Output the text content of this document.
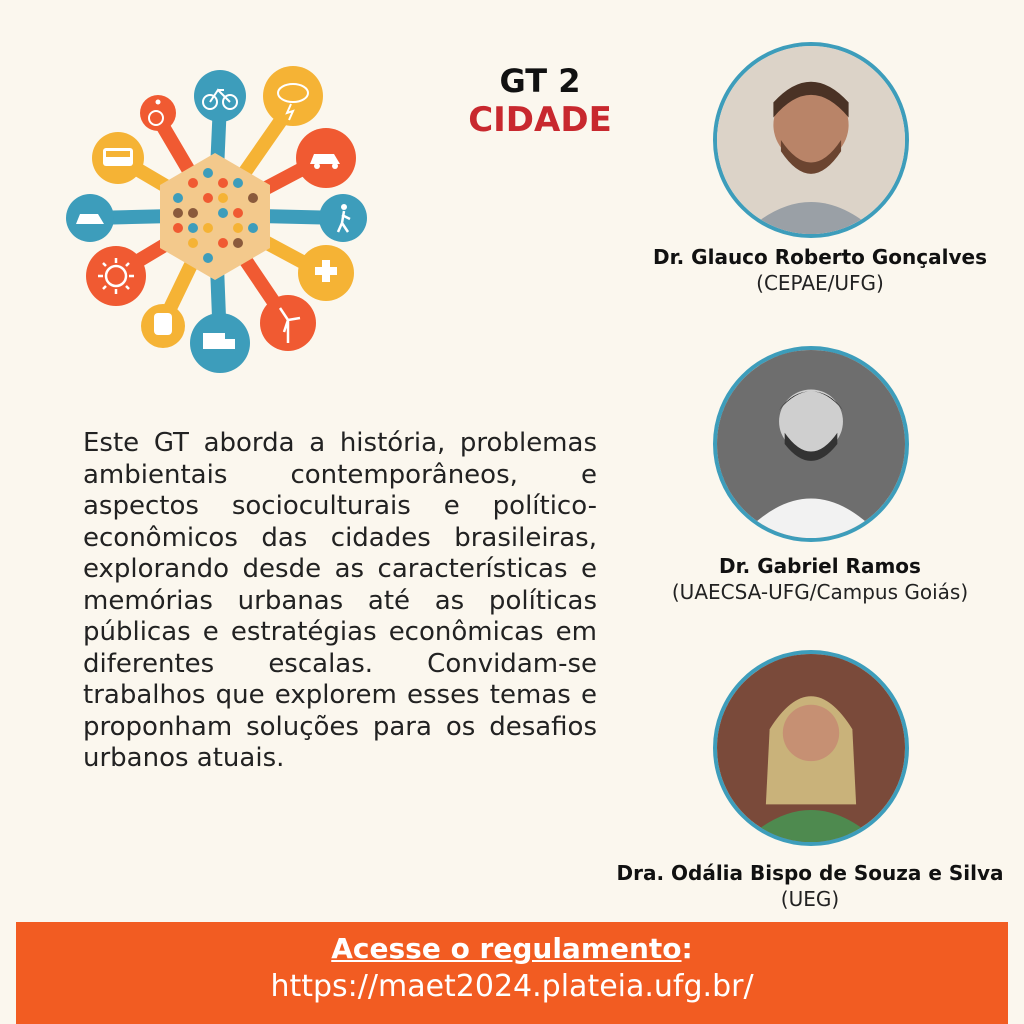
GT 2
CIDADE
Este GT aborda a história, problemas ambientais contemporâneos, e aspectos socioculturais e político-econômicos das cidades brasileiras, explorando desde as características e memórias urbanas até as políticas públicas e estratégias econômicas em diferentes escalas. Convidam-se trabalhos que explorem esses temas e proponham soluções para os desafios urbanos atuais.
Dr. Glauco Roberto Gonçalves
(CEPAE/UFG)
Dr. Gabriel Ramos
(UAECSA-UFG/Campus Goiás)
Dra. Odália Bispo de Souza e Silva
(UEG)
Acesse o regulamento:
https://maet2024.plateia.ufg.br/
